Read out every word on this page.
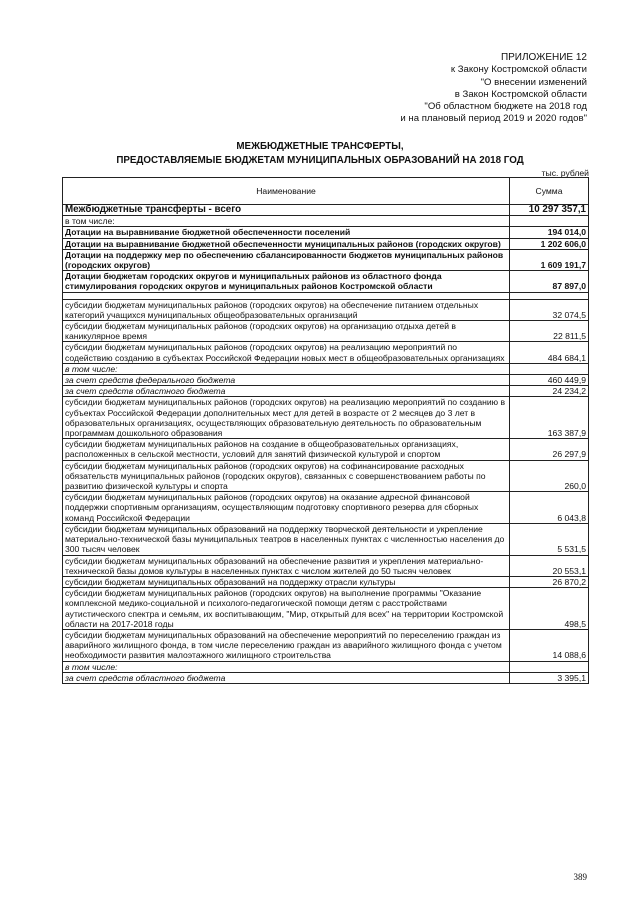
ПРИЛОЖЕНИЕ 12
к Закону Костромской области
"О внесении изменений
в Закон Костромской области
"Об областном бюджете на 2018 год
и на плановый период 2019 и 2020 годов"
МЕЖБЮДЖЕТНЫЕ ТРАНСФЕРТЫ,
ПРЕДОСТАВЛЯЕМЫЕ БЮДЖЕТАМ МУНИЦИПАЛЬНЫХ ОБРАЗОВАНИЙ НА 2018 ГОД
тыс. рублей
Наименование	Сумма
Межбюджетные трансферты - всего	10 297 357,1
в том числе:	
Дотации на выравнивание бюджетной обеспеченности поселений	194 014,0
Дотации на выравнивание бюджетной обеспеченности муниципальных районов (городских округов)	1 202 606,0
Дотации на поддержку мер по обеспечению сбалансированности бюджетов муниципальных районов (городских округов)	1 609 191,7
Дотации бюджетам городских округов и муниципальных районов из областного фонда стимулирования городских округов и муниципальных районов Костромской области	87 897,0

субсидии бюджетам муниципальных районов (городских округов) на обеспечение питанием отдельных категорий учащихся муниципальных общеобразовательных организаций	32 074,5
субсидии бюджетам муниципальных районов (городских округов) на организацию отдыха детей в каникулярное время	22 811,5
субсидии бюджетам муниципальных районов (городских округов) на реализацию мероприятий по содействию созданию в субъектах Российской Федерации новых мест в общеобразовательных организациях	484 684,1
в том числе:	
за счет средств федерального бюджета	460 449,9
за счет средств областного бюджета	24 234,2
субсидии бюджетам муниципальных районов (городских округов) на реализацию мероприятий по созданию в субъектах Российской Федерации дополнительных мест для детей в возрасте от 2 месяцев до 3 лет в образовательных организациях, осуществляющих образовательную деятельность по образовательным программам дошкольного образования	163 387,9
субсидии бюджетам муниципальных районов на создание в общеобразовательных организациях, расположенных в сельской местности, условий для занятий физической культурой и спортом	26 297,9
субсидии бюджетам муниципальных районов (городских округов) на софинансирование расходных обязательств муниципальных районов (городских округов), связанных с совершенствованием работы по развитию физической культуры и спорта	260,0
субсидии бюджетам муниципальных районов (городских округов) на оказание адресной финансовой поддержки спортивным организациям, осуществляющим подготовку спортивного резерва для сборных команд Российской Федерации	6 043,8
субсидии бюджетам муниципальных образований на поддержку творческой деятельности и укрепление материально-технической базы муниципальных театров в населенных пунктах с численностью населения до 300 тысяч человек	5 531,5
субсидии бюджетам муниципальных образований на обеспечение развития и укрепления материально-технической базы домов культуры в населенных пунктах с числом жителей до 50 тысяч человек	20 553,1
субсидии бюджетам муниципальных образований на поддержку отрасли культуры	26 870,2
субсидии бюджетам муниципальных районов (городских округов) на выполнение программы "Оказание комплексной медико-социальной и психолого-педагогической помощи детям с расстройствами аутистического спектра и семьям, их воспитывающим, "Мир, открытый для всех" на территории Костромской области на 2017-2018 годы	498,5
субсидии бюджетам муниципальных образований на обеспечение мероприятий по переселению граждан из аварийного жилищного фонда, в том числе переселению граждан из аварийного жилищного фонда с учетом необходимости развития малоэтажного жилищного строительства	14 088,6
в том числе:	
за счет средств областного бюджета	3 395,1
389
